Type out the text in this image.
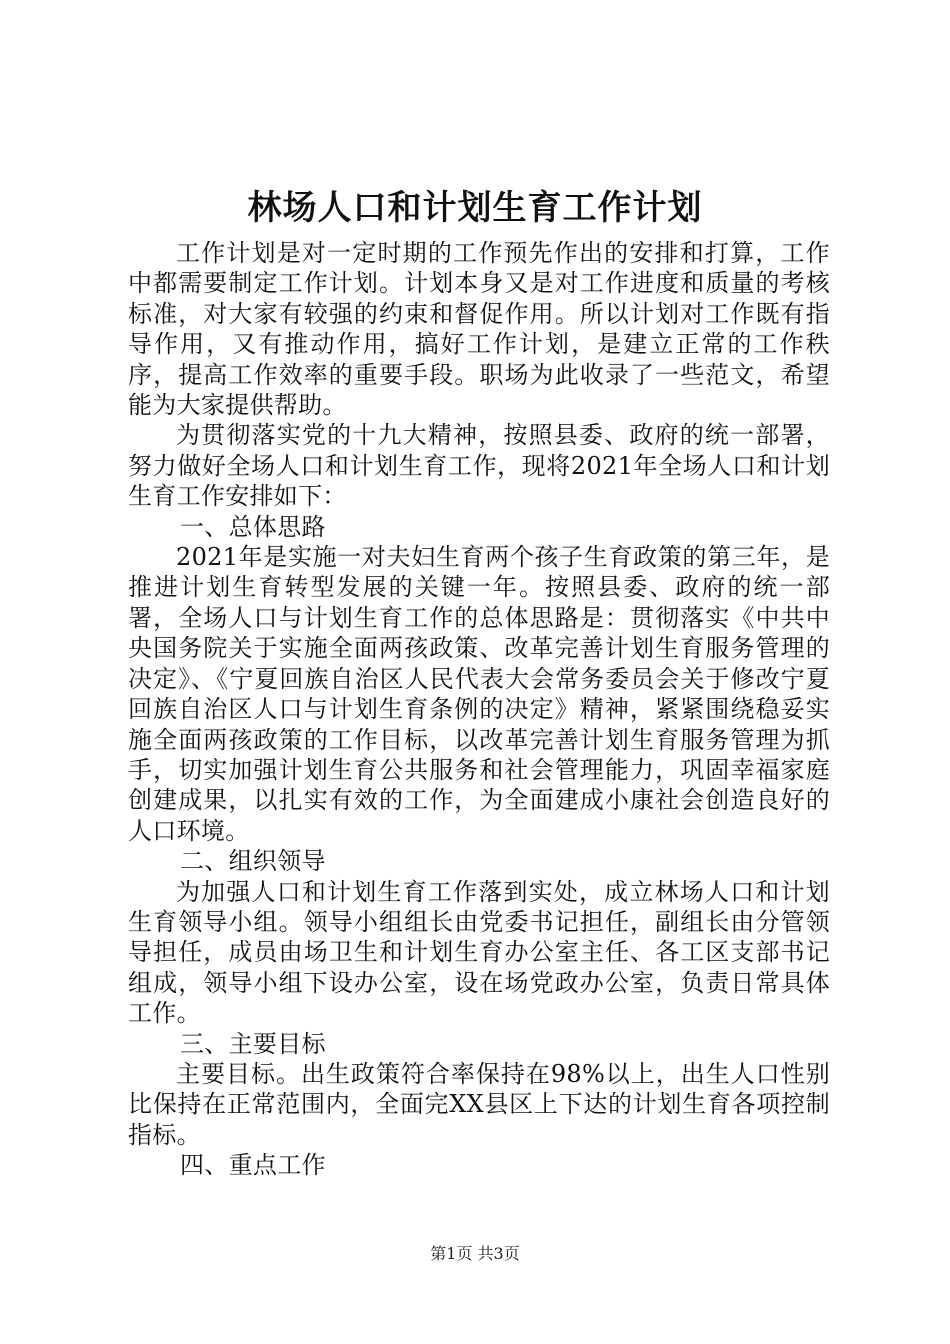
林场人口和计划生育工作计划

工作计划是对一定时期的工作预先作出的安排和打算，工作中都需要制定工作计划。计划本身又是对工作进度和质量的考核标准，对大家有较强的约束和督促作用。所以计划对工作既有指导作用，又有推动作用，搞好工作计划，是建立正常的工作秩序，提高工作效率的重要手段。职场为此收录了一些范文，希望能为大家提供帮助。

为贯彻落实党的十九大精神，按照县委、政府的统一部署，努力做好全场人口和计划生育工作，现将2021年全场人口和计划生育工作安排如下：

一、总体思路

2021年是实施一对夫妇生育两个孩子生育政策的第三年，是推进计划生育转型发展的关键一年。按照县委、政府的统一部署，全场人口与计划生育工作的总体思路是：贯彻落实《中共中央国务院关于实施全面两孩政策、改革完善计划生育服务管理的决定》、《宁夏回族自治区人民代表大会常务委员会关于修改宁夏回族自治区人口与计划生育条例的决定》精神，紧紧围绕稳妥实施全面两孩政策的工作目标，以改革完善计划生育服务管理为抓手，切实加强计划生育公共服务和社会管理能力，巩固幸福家庭创建成果，以扎实有效的工作，为全面建成小康社会创造良好的人口环境。

二、组织领导

为加强人口和计划生育工作落到实处，成立林场人口和计划生育领导小组。领导小组组长由党委书记担任，副组长由分管领导担任，成员由场卫生和计划生育办公室主任、各工区支部书记组成，领导小组下设办公室，设在场党政办公室，负责日常具体工作。

三、主要目标

主要目标。出生政策符合率保持在98%以上，出生人口性别比保持在正常范围内，全面完XX县区上下达的计划生育各项控制指标。

四、重点工作

第1页 共3页
